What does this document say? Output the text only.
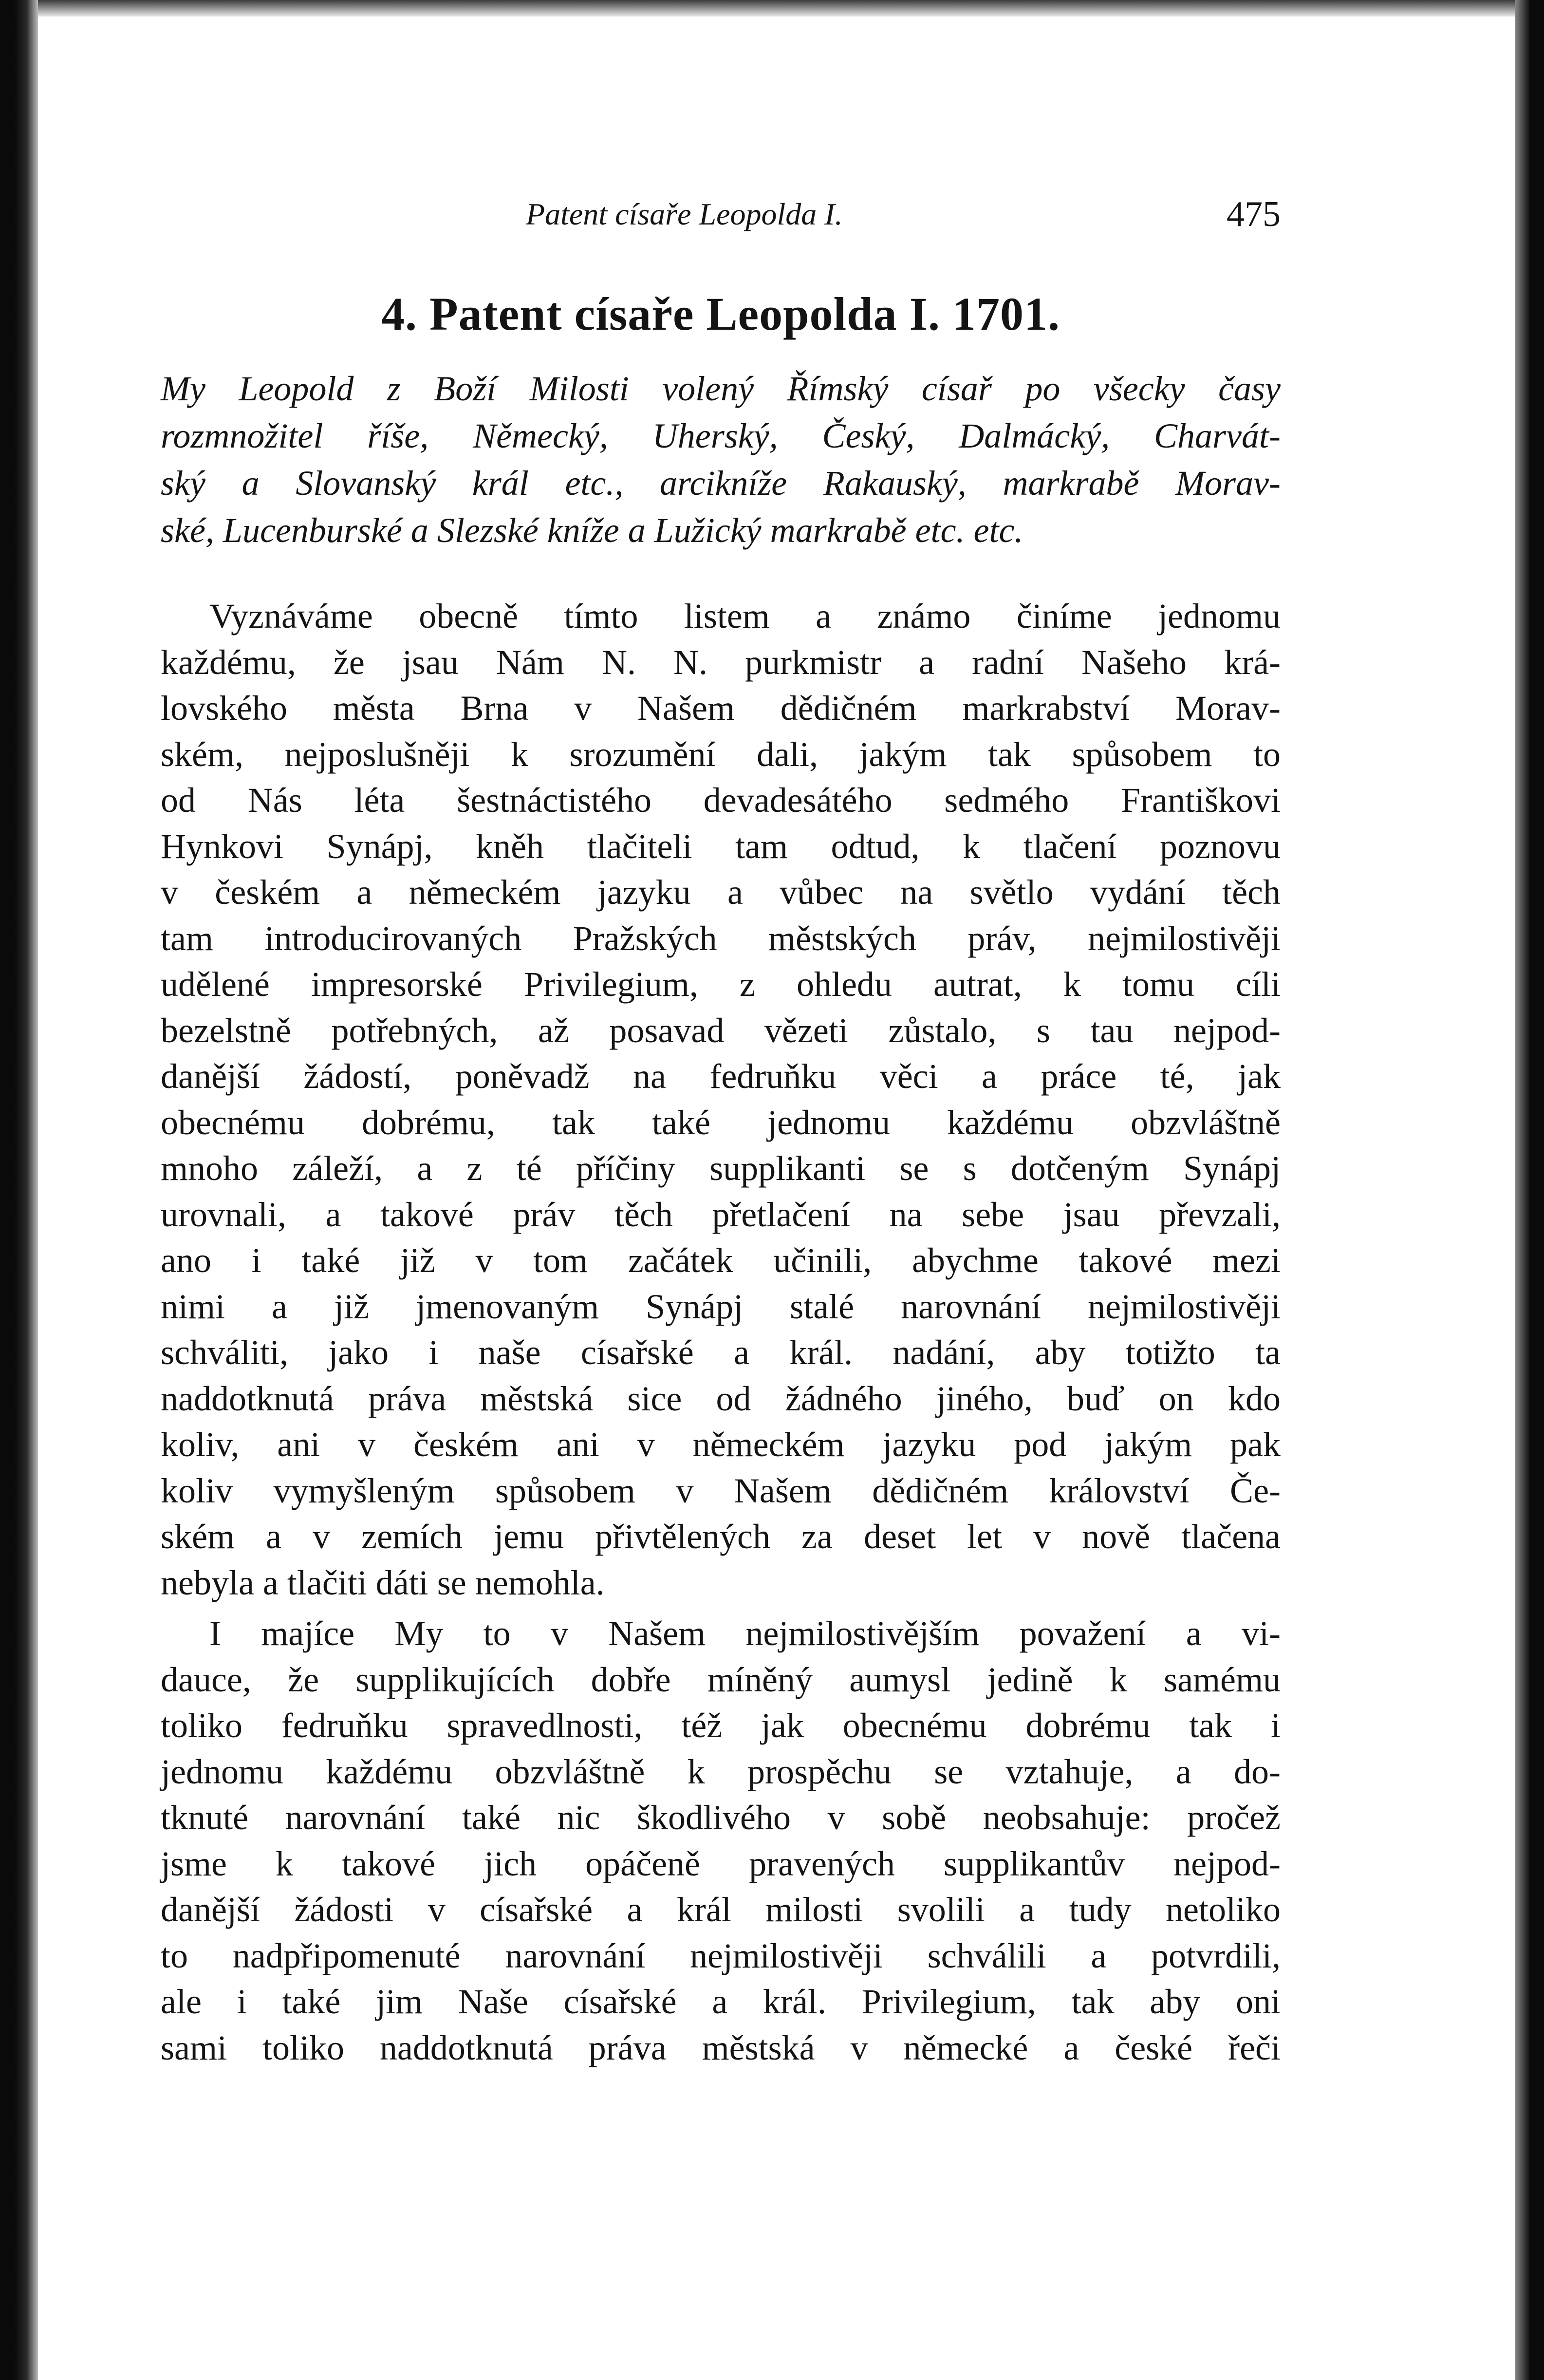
Patent císaře Leopolda I.	475
4. Patent císaře Leopolda I. 1701.
My Leopold z Boží Milosti volený Římský císař po všecky časy
rozmnožitel říše, Německý, Uherský, Český, Dalmácký, Charvát-
ský a Slovanský král etc., arcikníže Rakauský, markrabě Morav-
ské, Lucenburské a Slezské kníže a Lužický markrabě etc. etc.
Vyznáváme obecně tímto listem a známo činíme jednomu
každému, že jsau Nám N. N. purkmistr a radní Našeho krá-
lovského města Brna v Našem dědičném markrabství Morav-
ském, nejposlušněji k srozumění dali, jakým tak spůsobem to
od Nás léta šestnáctistého devadesátého sedmého Františkovi
Hynkovi Synápj, kněh tlačiteli tam odtud, k tlačení poznovu
v českém a německém jazyku a vůbec na světlo vydání těch
tam introducirovaných Pražských městských práv, nejmilostivěji
udělené impresorské Privilegium, z ohledu autrat, k tomu cíli
bezelstně potřebných, až posavad vězeti zůstalo, s tau nejpod-
danější žádostí, poněvadž na fedruňku věci a práce té, jak
obecnému dobrému, tak také jednomu každému obzvláštně
mnoho záleží, a z té příčiny supplikanti se s dotčeným Synápj
urovnali, a takové práv těch přetlačení na sebe jsau převzali,
ano i také již v tom začátek učinili, abychme takové mezi
nimi a již jmenovaným Synápj stalé narovnání nejmilostivěji
schváliti, jako i naše císařské a král. nadání, aby totižto ta
naddotknutá práva městská sice od žádného jiného, buď on kdo
koliv, ani v českém ani v německém jazyku pod jakým pak
koliv vymyšleným spůsobem v Našem dědičném království Če-
ském a v zemích jemu přivtělených za deset let v nově tlačena
nebyla a tlačiti dáti se nemohla.
I majíce My to v Našem nejmilostivějším považení a vi-
dauce, že supplikujících dobře míněný aumysl jedině k samému
toliko fedruňku spravedlnosti, též jak obecnému dobrému tak i
jednomu každému obzvláštně k prospěchu se vztahuje, a do-
tknuté narovnání také nic škodlivého v sobě neobsahuje: pročež
jsme k takové jich opáčeně pravených supplikantův nejpod-
danější žádosti v císařské a král milosti svolili a tudy netoliko
to nadpřipomenuté narovnání nejmilostivěji schválili a potvrdili,
ale i také jim Naše císařské a král. Privilegium, tak aby oni
sami toliko naddotknutá práva městská v německé a české řeči
